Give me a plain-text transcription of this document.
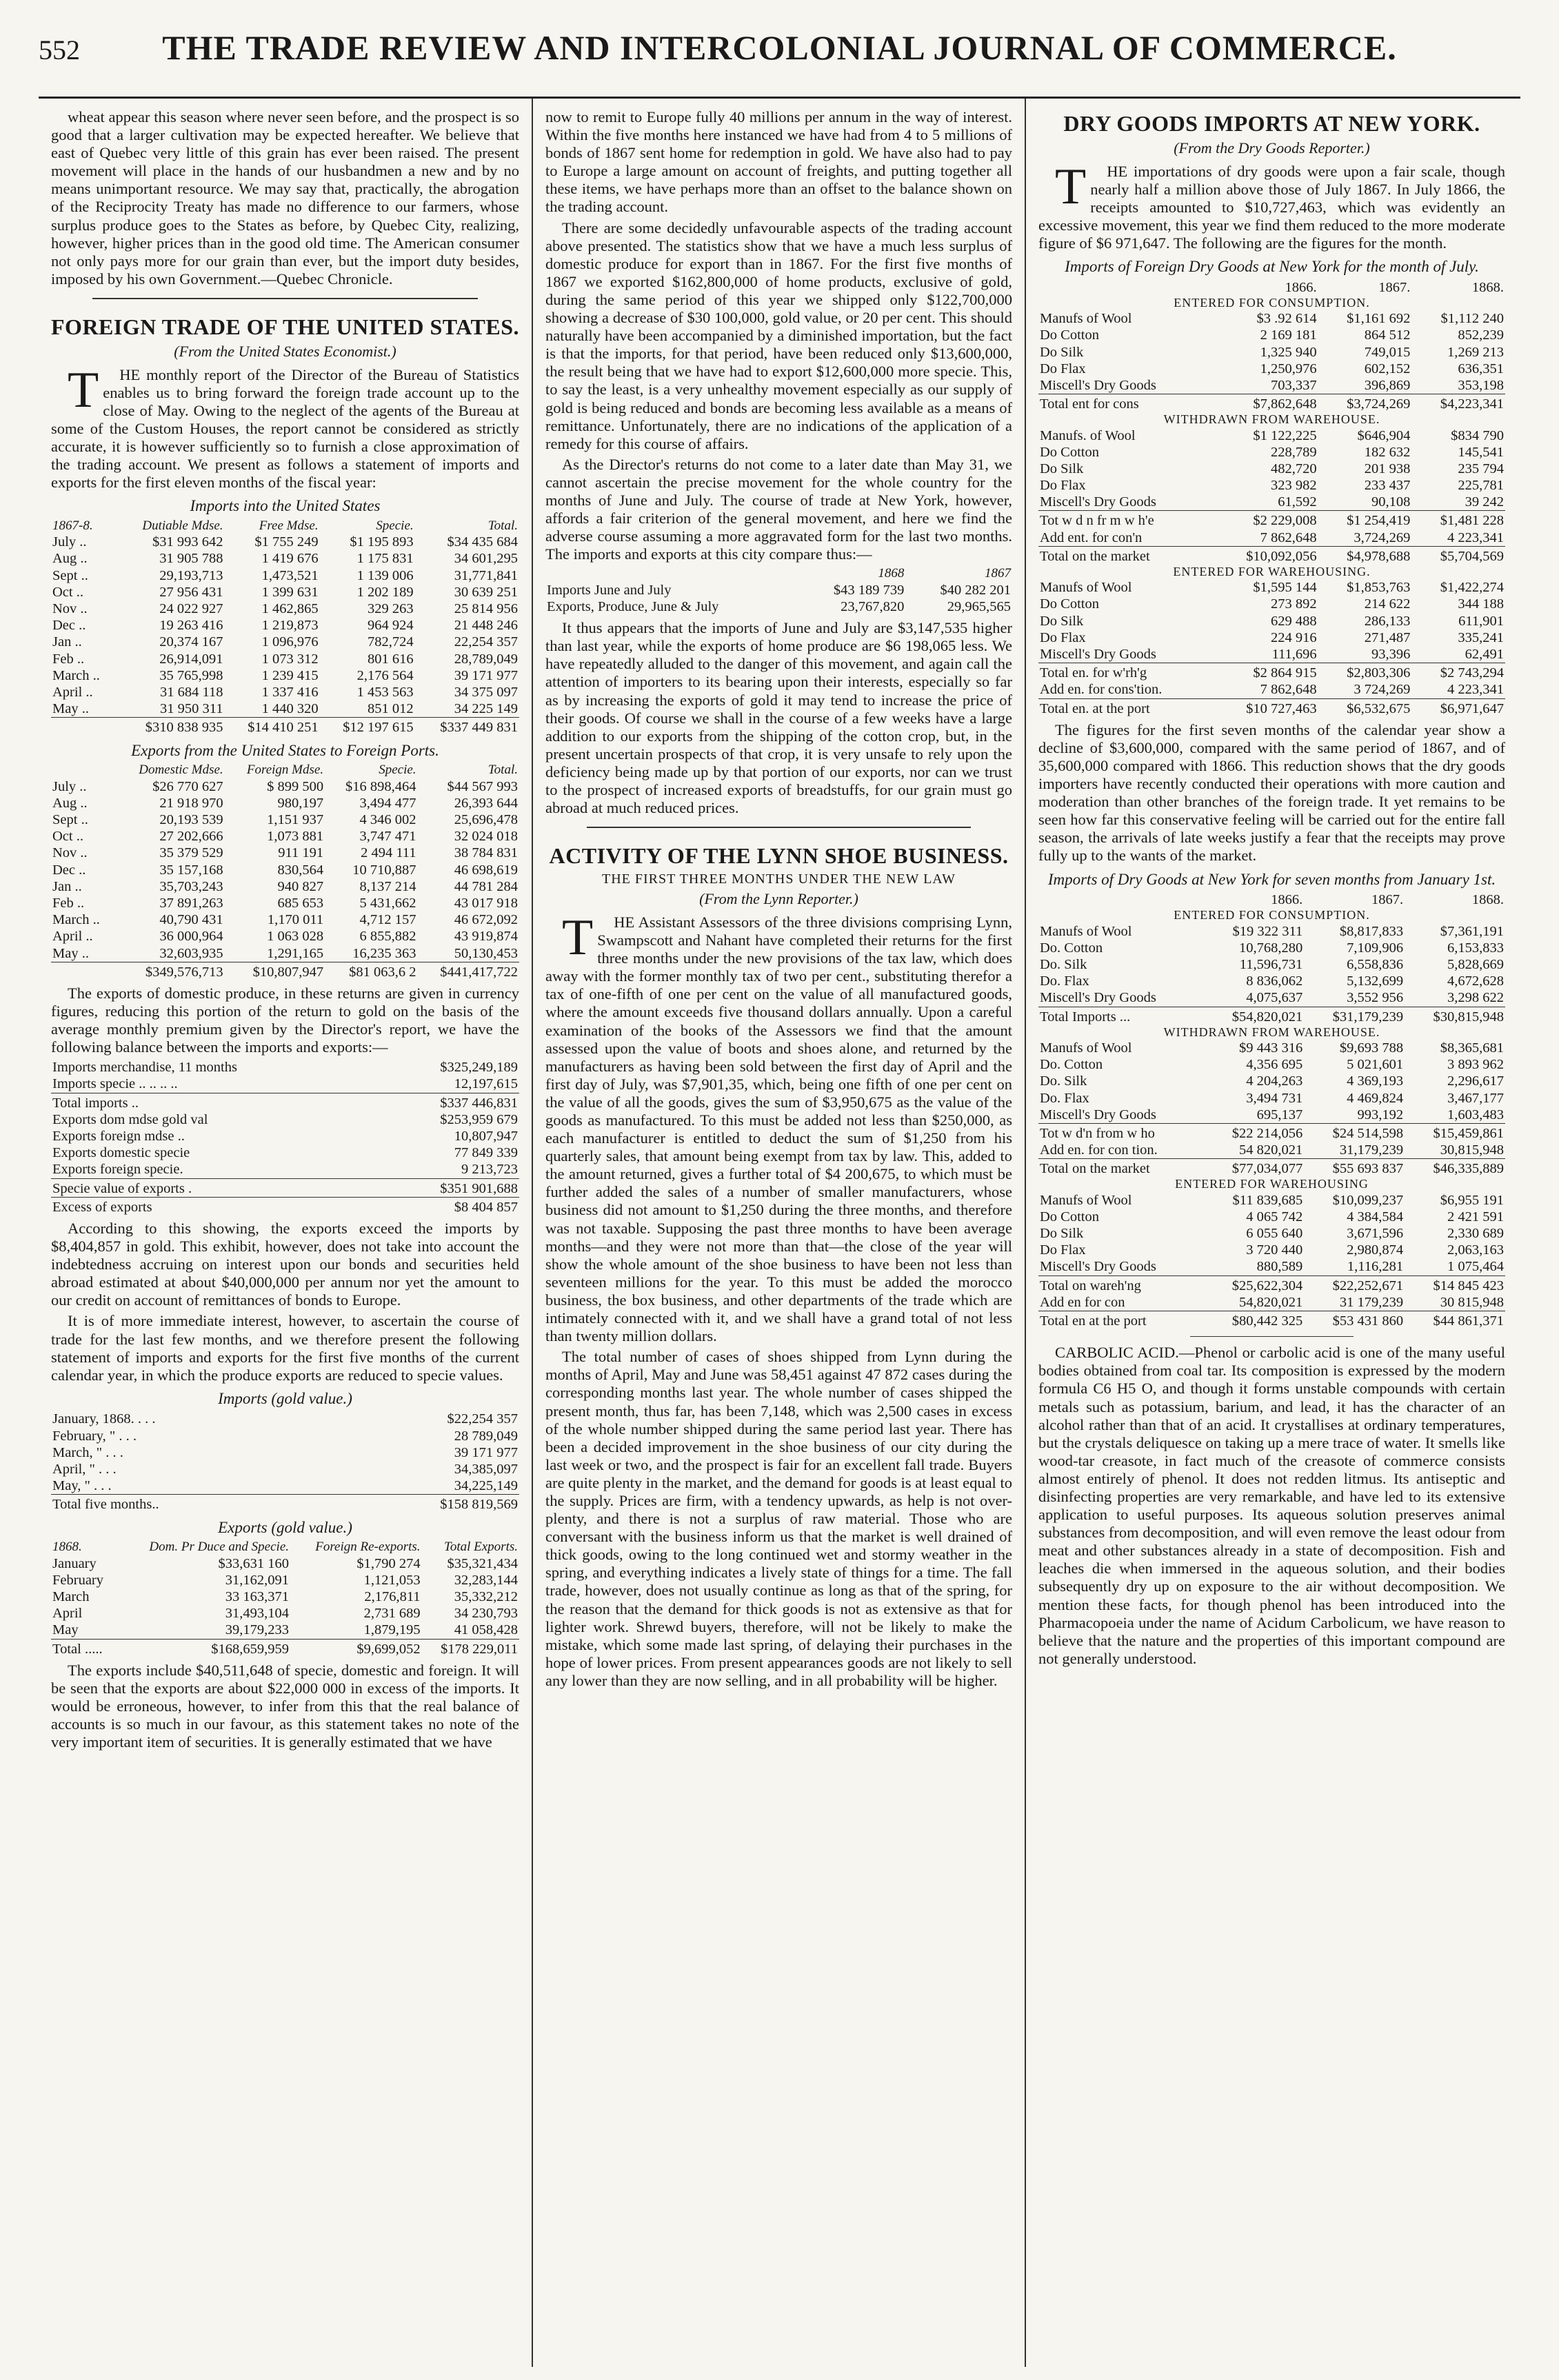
552	THE TRADE REVIEW AND INTERCOLONIAL JOURNAL OF COMMERCE.

wheat appear this season where never seen before, and the prospect is so good that a larger cultivation may be expected hereafter. We believe that east of Quebec very little of this grain has ever been raised. The present movement will place in the hands of our husbandmen a new and by no means unimportant resource. We may say that, practically, the abrogation of the Reciprocity Treaty has made no difference to our farmers, whose surplus produce goes to the States as before, by Quebec City, realizing, however, higher prices than in the good old time. The American consumer not only pays more for our grain than ever, but the import duty besides, imposed by his own Government.—Quebec Chronicle.

FOREIGN TRADE OF THE UNITED STATES.
(From the United States Economist.)

THE monthly report of the Director of the Bureau of Statistics enables us to bring forward the foreign trade account up to the close of May. Owing to the neglect of the agents of the Bureau at some of the Custom Houses, the report cannot be considered as strictly accurate, it is however sufficiently so to furnish a close approximation of the trading account. We present as follows a statement of imports and exports for the first eleven months of the fiscal year:

Imports into the United States
1867-8.	Dutiable Mdse.	Free Mdse.	Specie.	Total.
July ..	$31 993 642	$1 755 249	$1 195 893	$34 435 684
Aug ..	31 905 788	1 419 676	1 175 831	34 601,295
Sept ..	29,193,713	1,473,521	1 139 006	31,771,841
Oct ..	27 956 431	1 399 631	1 202 189	30 639 251
Nov ..	24 022 927	1 462,865	329 263	25 814 956
Dec ..	19 263 416	1 219,873	964 924	21 448 246
Jan ..	20,374 167	1 096,976	782,724	22,254 357
Feb ..	26,914,091	1 073 312	801 616	28,789,049
March ..	35 765,998	1 239 415	2,176 564	39 171 977
April ..	31 684 118	1 337 416	1 453 563	34 375 097
May ..	31 950 311	1 440 320	851 012	34 225 149
	$310 838 935	$14 410 251	$12 197 615	$337 449 831
Exports from the United States to Foreign Ports.
	Domestic Mdse.	Foreign Mdse.	Specie.	Total.
July ..	$26 770 627	$ 899 500	$16 898,464	$44 567 993
Aug ..	21 918 970	980,197	3,494 477	26,393 644
Sept ..	20,193 539	1,151 937	4 346 002	25,696,478
Oct ..	27 202,666	1,073 881	3,747 471	32 024 018
Nov ..	35 379 529	911 191	2 494 111	38 784 831
Dec ..	35 157,168	830,564	10 710,887	46 698,619
Jan ..	35,703,243	940 827	8,137 214	44 781 284
Feb ..	37 891,263	685 653	5 431,662	43 017 918
March ..	40,790 431	1,170 011	4,712 157	46 672,092
April ..	36 000,964	1 063 028	6 855,882	43 919,874
May ..	32,603,935	1,291,165	16,235 363	50,130,453
	$349,576,713	$10,807,947	$81 063,6 2	$441,417,722

The exports of domestic produce, in these returns are given in currency figures, reducing this portion of the return to gold on the basis of the average monthly premium given by the Director's report, we have the following balance between the imports and exports:—

Imports merchandise, 11 months	$325,249,189
Imports specie .. .. .. ..	12,197,615
Total imports ..	$337 446,831
Exports dom mdse gold val	$253,959 679
Exports foreign mdse ..	10,807,947
Exports domestic specie	77 849 339
Exports foreign specie.	9 213,723
Specie value of exports .	$351 901,688
Excess of exports	$8 404 857

According to this showing, the exports exceed the imports by $8,404,857 in gold. This exhibit, however, does not take into account the indebtedness accruing on interest upon our bonds and securities held abroad estimated at about $40,000,000 per annum nor yet the amount to our credit on account of remittances of bonds to Europe.

It is of more immediate interest, however, to ascertain the course of trade for the last few months, and we therefore present the following statement of imports and exports for the first five months of the current calendar year, in which the produce exports are reduced to specie values.

Imports (gold value.)
January, 1868. . . .	$22,254 357
February, " . . .	28 789,049
March, " . . .	39 171 977
April, " . . .	34,385,097
May, " . . .	34,225,149
Total five months..	$158 819,569
Exports (gold value.)
1868.	Dom. Pr Duce and Specie.	Foreign Re-exports.	Total Exports.
January	$33,631 160	$1,790 274	$35,321,434
February	31,162,091	1,121,053	32,283,144
March	33 163,371	2,176,811	35,332,212
April	31,493,104	2,731 689	34 230,793
May	39,179,233	1,879,195	41 058,428
Total .....	$168,659,959	$9,699,052	$178 229,011

The exports include $40,511,648 of specie, domestic and foreign. It will be seen that the exports are about $22,000 000 in excess of the imports. It would be erroneous, however, to infer from this that the real balance of accounts is so much in our favour, as this statement takes no note of the very important item of securities. It is generally estimated that we have

now to remit to Europe fully 40 millions per annum in the way of interest. Within the five months here instanced we have had from 4 to 5 millions of bonds of 1867 sent home for redemption in gold. We have also had to pay to Europe a large amount on account of freights, and putting together all these items, we have perhaps more than an offset to the balance shown on the trading account.

There are some decidedly unfavourable aspects of the trading account above presented. The statistics show that we have a much less surplus of domestic produce for export than in 1867. For the first five months of 1867 we exported $162,800,000 of home products, exclusive of gold, during the same period of this year we shipped only $122,700,000 showing a decrease of $30 100,000, gold value, or 20 per cent. This should naturally have been accompanied by a diminished importation, but the fact is that the imports, for that period, have been reduced only $13,600,000, the result being that we have had to export $12,600,000 more specie. This, to say the least, is a very unhealthy movement especially as our supply of gold is being reduced and bonds are becoming less available as a means of remittance. Unfortunately, there are no indications of the application of a remedy for this course of affairs.

As the Director's returns do not come to a later date than May 31, we cannot ascertain the precise movement for the whole country for the months of June and July. The course of trade at New York, however, affords a fair criterion of the general movement, and here we find the adverse course assuming a more aggravated form for the last two months. The imports and exports at this city compare thus:—

	1868	1867
Imports June and July	$43 189 739	$40 282 201
Exports, Produce, June & July	23,767,820	29,965,565

It thus appears that the imports of June and July are $3,147,535 higher than last year, while the exports of home produce are $6 198,065 less. We have repeatedly alluded to the danger of this movement, and again call the attention of importers to its bearing upon their interests, especially so far as by increasing the exports of gold it may tend to increase the price of their goods. Of course we shall in the course of a few weeks have a large addition to our exports from the shipping of the cotton crop, but, in the present uncertain prospects of that crop, it is very unsafe to rely upon the deficiency being made up by that portion of our exports, nor can we trust to the prospect of increased exports of breadstuffs, for our grain must go abroad at much reduced prices.

ACTIVITY OF THE LYNN SHOE BUSINESS.
THE FIRST THREE MONTHS UNDER THE NEW LAW
(From the Lynn Reporter.)

THE Assistant Assessors of the three divisions comprising Lynn, Swampscott and Nahant have completed their returns for the first three months under the new provisions of the tax law, which does away with the former monthly tax of two per cent., substituting therefor a tax of one-fifth of one per cent on the value of all manufactured goods, where the amount exceeds five thousand dollars annually. Upon a careful examination of the books of the Assessors we find that the amount assessed upon the value of boots and shoes alone, and returned by the manufacturers as having been sold between the first day of April and the first day of July, was $7,901,35, which, being one fifth of one per cent on the value of all the goods, gives the sum of $3,950,675 as the value of the goods as manufactured. To this must be added not less than $250,000, as each manufacturer is entitled to deduct the sum of $1,250 from his quarterly sales, that amount being exempt from tax by law. This, added to the amount returned, gives a further total of $4 200,675, to which must be further added the sales of a number of smaller manufacturers, whose business did not amount to $1,250 during the three months, and therefore was not taxable. Supposing the past three months to have been average months—and they were not more than that—the close of the year will show the whole amount of the shoe business to have been not less than seventeen millions for the year. To this must be added the morocco business, the box business, and other departments of the trade which are intimately connected with it, and we shall have a grand total of not less than twenty million dollars.

The total number of cases of shoes shipped from Lynn during the months of April, May and June was 58,451 against 47 872 cases during the corresponding months last year. The whole number of cases shipped the present month, thus far, has been 7,148, which was 2,500 cases in excess of the whole number shipped during the same period last year. There has been a decided improvement in the shoe business of our city during the last week or two, and the prospect is fair for an excellent fall trade. Buyers are quite plenty in the market, and the demand for goods is at least equal to the supply. Prices are firm, with a tendency upwards, as help is not over-plenty, and there is not a surplus of raw material. Those who are conversant with the business inform us that the market is well drained of thick goods, owing to the long continued wet and stormy weather in the spring, and everything indicates a lively state of things for a time. The fall trade, however, does not usually continue as long as that of the spring, for the reason that the demand for thick goods is not as extensive as that for lighter work. Shrewd buyers, therefore, will not be likely to make the mistake, which some made last spring, of delaying their purchases in the hope of lower prices. From present appearances goods are not likely to sell any lower than they are now selling, and in all probability will be higher.

DRY GOODS IMPORTS AT NEW YORK.
(From the Dry Goods Reporter.)

THE importations of dry goods were upon a fair scale, though nearly half a million above those of July 1867. In July 1866, the receipts amounted to $10,727,463, which was evidently an excessive movement, this year we find them reduced to the more moderate figure of $6 971,647. The following are the figures for the month.

Imports of Foreign Dry Goods at New York for the month of July.
	1866.	1867.	1868.
ENTERED FOR CONSUMPTION.			
Manufs of Wool	$3 .92 614	$1,161 692	$1,112 240
Do Cotton	2 169 181	864 512	852,239
Do Silk	1,325 940	749,015	1,269 213
Do Flax	1,250,976	602,152	636,351
Miscell's Dry Goods	703,337	396,869	353,198
Total ent for cons	$7,862,648	$3,724,269	$4,223,341
WITHDRAWN FROM WAREHOUSE.			
Manufs. of Wool	$1 122,225	$646,904	$834 790
Do Cotton	228,789	182 632	145,541
Do Silk	482,720	201 938	235 794
Do Flax	323 982	233 437	225,781
Miscell's Dry Goods	61,592	90,108	39 242
Tot w d n fr m w h'e	$2 229,008	$1 254,419	$1,481 228
Add ent. for con'n	7 862,648	3,724,269	4 223,341
Total on the market	$10,092,056	$4,978,688	$5,704,569
ENTERED FOR WAREHOUSING.			
Manufs of Wool	$1,595 144	$1,853,763	$1,422,274
Do Cotton	273 892	214 622	344 188
Do Silk	629 488	286,133	611,901
Do Flax	224 916	271,487	335,241
Miscell's Dry Goods	111,696	93,396	62,491
Total en. for w'rh'g	$2 864 915	$2,803,306	$2 743,294
Add en. for cons'tion.	7 862,648	3 724,269	4 223,341
Total en. at the port	$10 727,463	$6,532,675	$6,971,647

The figures for the first seven months of the calendar year show a decline of $3,600,000, compared with the same period of 1867, and of 35,600,000 compared with 1866. This reduction shows that the dry goods importers have recently conducted their operations with more caution and moderation than other branches of the foreign trade. It yet remains to be seen how far this conservative feeling will be carried out for the entire fall season, the arrivals of late weeks justify a fear that the receipts may prove fully up to the wants of the market.

Imports of Dry Goods at New York for seven months from January 1st.
	1866.	1867.	1868.
ENTERED FOR CONSUMPTION.			
Manufs of Wool	$19 322 311	$8,817,833	$7,361,191
Do. Cotton	10,768,280	7,109,906	6,153,833
Do. Silk	11,596,731	6,558,836	5,828,669
Do. Flax	8 836,062	5,132,699	4,672,628
Miscell's Dry Goods	4,075,637	3,552 956	3,298 622
Total Imports ...	$54,820,021	$31,179,239	$30,815,948
WITHDRAWN FROM WAREHOUSE.			
Manufs of Wool	$9 443 316	$9,693 788	$8,365,681
Do. Cotton	4,356 695	5 021,601	3 893 962
Do. Silk	4 204,263	4 369,193	2,296,617
Do. Flax	3,494 731	4 469,824	3,467,177
Miscell's Dry Goods	695,137	993,192	1,603,483
Tot w d'n from w ho	$22 214,056	$24 514,598	$15,459,861
Add en. for con tion.	54 820,021	31,179,239	30,815,948
Total on the market	$77,034,077	$55 693 837	$46,335,889
ENTERED FOR WAREHOUSING			
Manufs of Wool	$11 839,685	$10,099,237	$6,955 191
Do Cotton	4 065 742	4 384,584	2 421 591
Do Silk	6 055 640	3,671,596	2,330 689
Do Flax	3 720 440	2,980,874	2,063,163
Miscell's Dry Goods	880,589	1,116,281	1 075,464
Total on wareh'ng	$25,622,304	$22,252,671	$14 845 423
Add en for con	54,820,021	31 179,239	30 815,948
Total en at the port	$80,442 325	$53 431 860	$44 861,371

CARBOLIC ACID.—Phenol or carbolic acid is one of the many useful bodies obtained from coal tar. Its composition is expressed by the modern formula C6 H5 O, and though it forms unstable compounds with certain metals such as potassium, barium, and lead, it has the character of an alcohol rather than that of an acid. It crystallises at ordinary temperatures, but the crystals deliquesce on taking up a mere trace of water. It smells like wood-tar creasote, in fact much of the creasote of commerce consists almost entirely of phenol. It does not redden litmus. Its antiseptic and disinfecting properties are very remarkable, and have led to its extensive application to useful purposes. Its aqueous solution preserves animal substances from decomposition, and will even remove the least odour from meat and other substances already in a state of decomposition. Fish and leaches die when immersed in the aqueous solution, and their bodies subsequently dry up on exposure to the air without decomposition. We mention these facts, for though phenol has been introduced into the Pharmacopoeia under the name of Acidum Carbolicum, we have reason to believe that the nature and the properties of this important compound are not generally understood.
